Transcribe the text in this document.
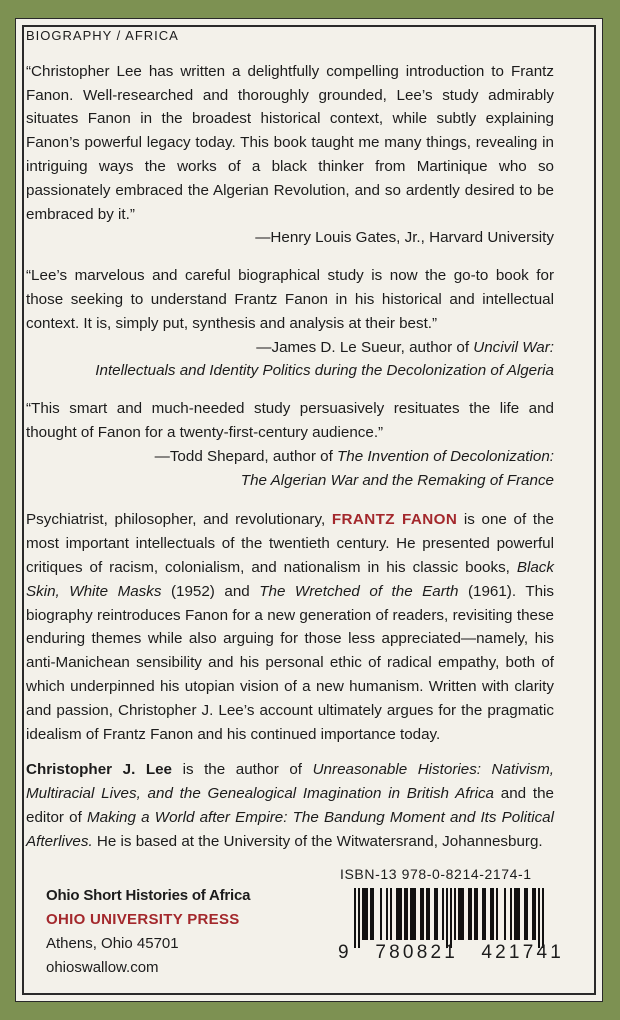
BIOGRAPHY / AFRICA
“Christopher Lee has written a delightfully compelling introduction to Frantz Fanon. Well-researched and thoroughly grounded, Lee’s study admirably situates Fanon in the broadest historical context, while subtly explaining Fanon’s powerful legacy today. This book taught me many things, revealing in intriguing ways the works of a black thinker from Martinique who so passionately embraced the Algerian Revolution, and so ardently desired to be embraced by it.”
—Henry Louis Gates, Jr., Harvard University
“Lee’s marvelous and careful biographical study is now the go-to book for those seeking to understand Frantz Fanon in his historical and intellectual context. It is, simply put, synthesis and analysis at their best.”
—James D. Le Sueur, author of Uncivil War:
Intellectuals and Identity Politics during the Decolonization of Algeria
“This smart and much-needed study persuasively resituates the life and thought of Fanon for a twenty-first-century audience.”
—Todd Shepard, author of The Invention of Decolonization:
The Algerian War and the Remaking of France
Psychiatrist, philosopher, and revolutionary, FRANTZ FANON is one of the most important intellectuals of the twentieth century. He presented powerful critiques of racism, colonialism, and nationalism in his classic books, Black Skin, White Masks (1952) and The Wretched of the Earth (1961). This biography reintroduces Fanon for a new generation of readers, revisiting these enduring themes while also arguing for those less appreciated—namely, his anti-Manichean sensibility and his personal ethic of radical empathy, both of which underpinned his utopian vision of a new humanism. Written with clarity and passion, Christopher J. Lee’s account ultimately argues for the pragmatic idealism of Frantz Fanon and his continued importance today.
Christopher J. Lee is the author of Unreasonable Histories: Nativism, Multiracial Lives, and the Genealogical Imagination in British Africa and the editor of Making a World after Empire: The Bandung Moment and Its Political Afterlives. He is based at the University of the Witwatersrand, Johannesburg.
Ohio Short Histories of Africa
OHIO UNIVERSITY PRESS
Athens, Ohio 45701
ohioswallow.com
ISBN-13 978-0-8214-2174-1
9 780821 421741
